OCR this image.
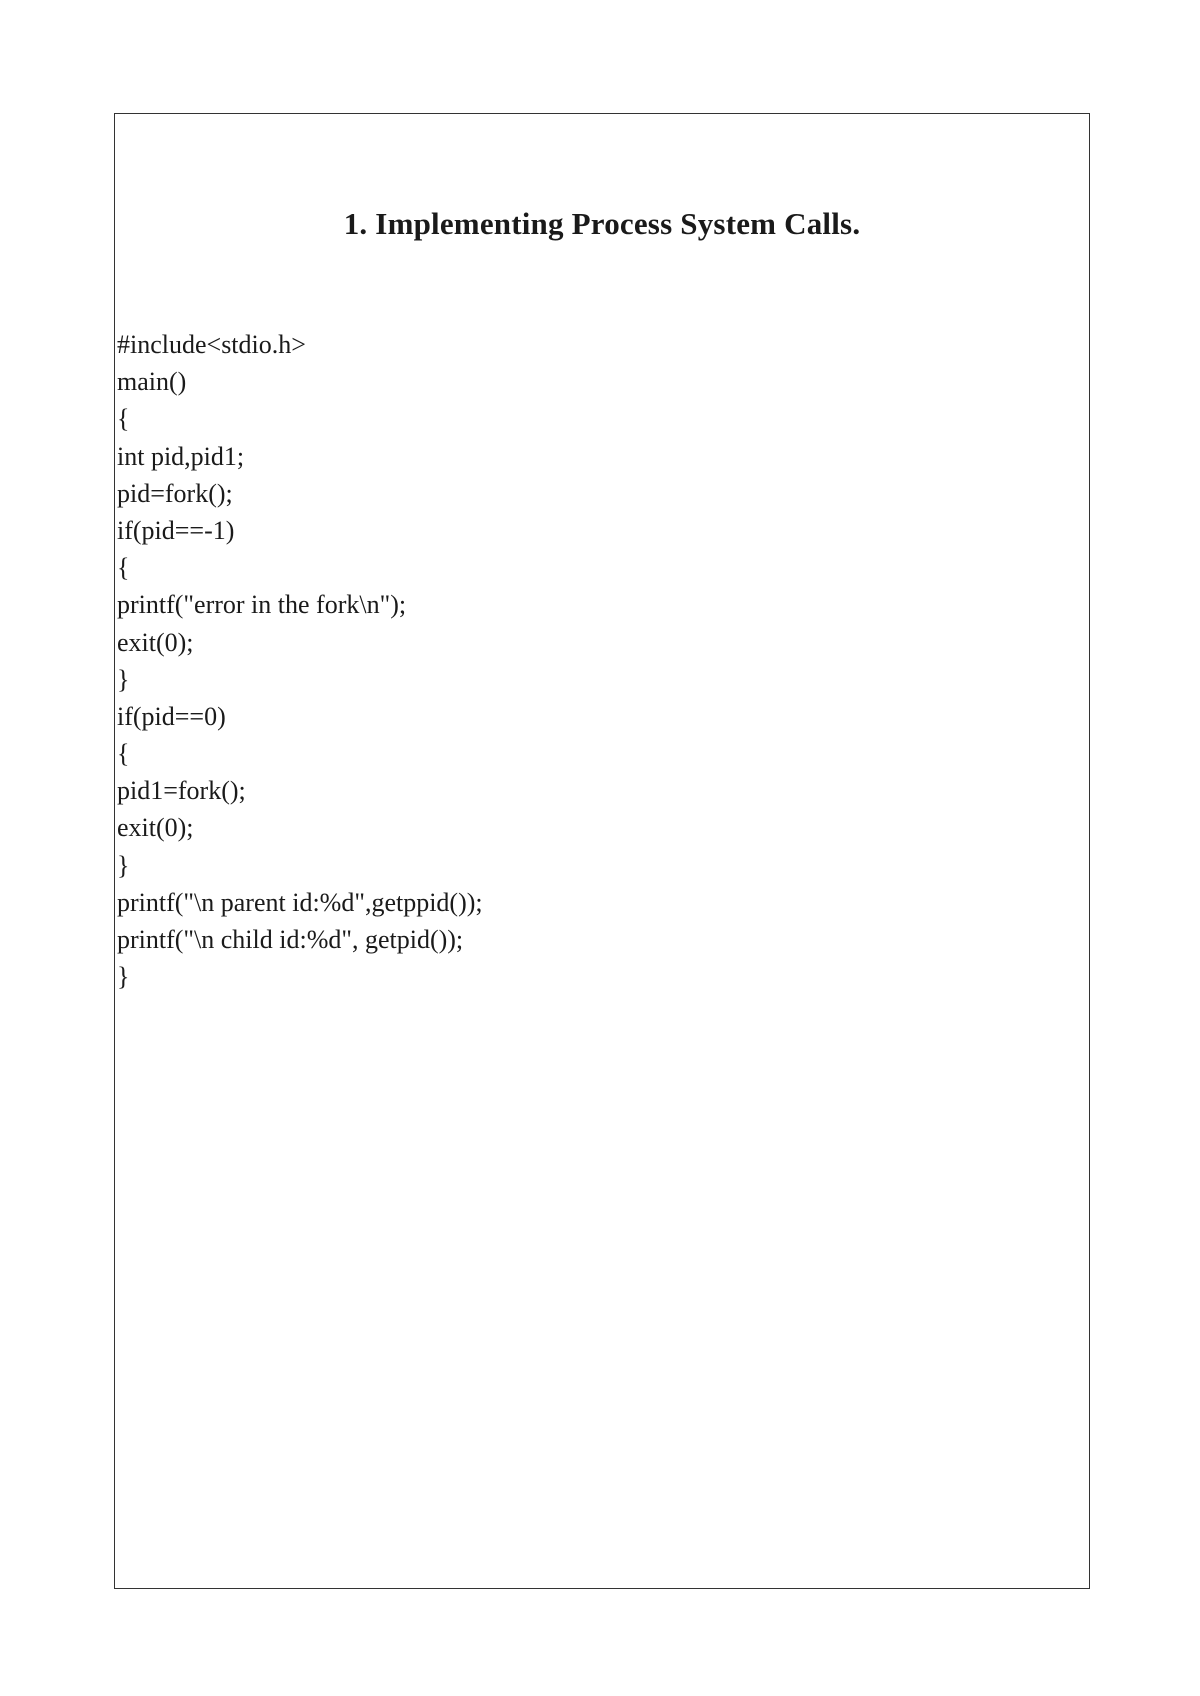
1. Implementing Process System Calls.
#include<stdio.h>
main()
{
int pid,pid1;
pid=fork();
if(pid==-1)
{
printf("error in the fork\n");
exit(0);
}
if(pid==0)
{
pid1=fork();
exit(0);
}
printf("\n parent id:%d",getppid());
printf("\n child id:%d", getpid());
}
